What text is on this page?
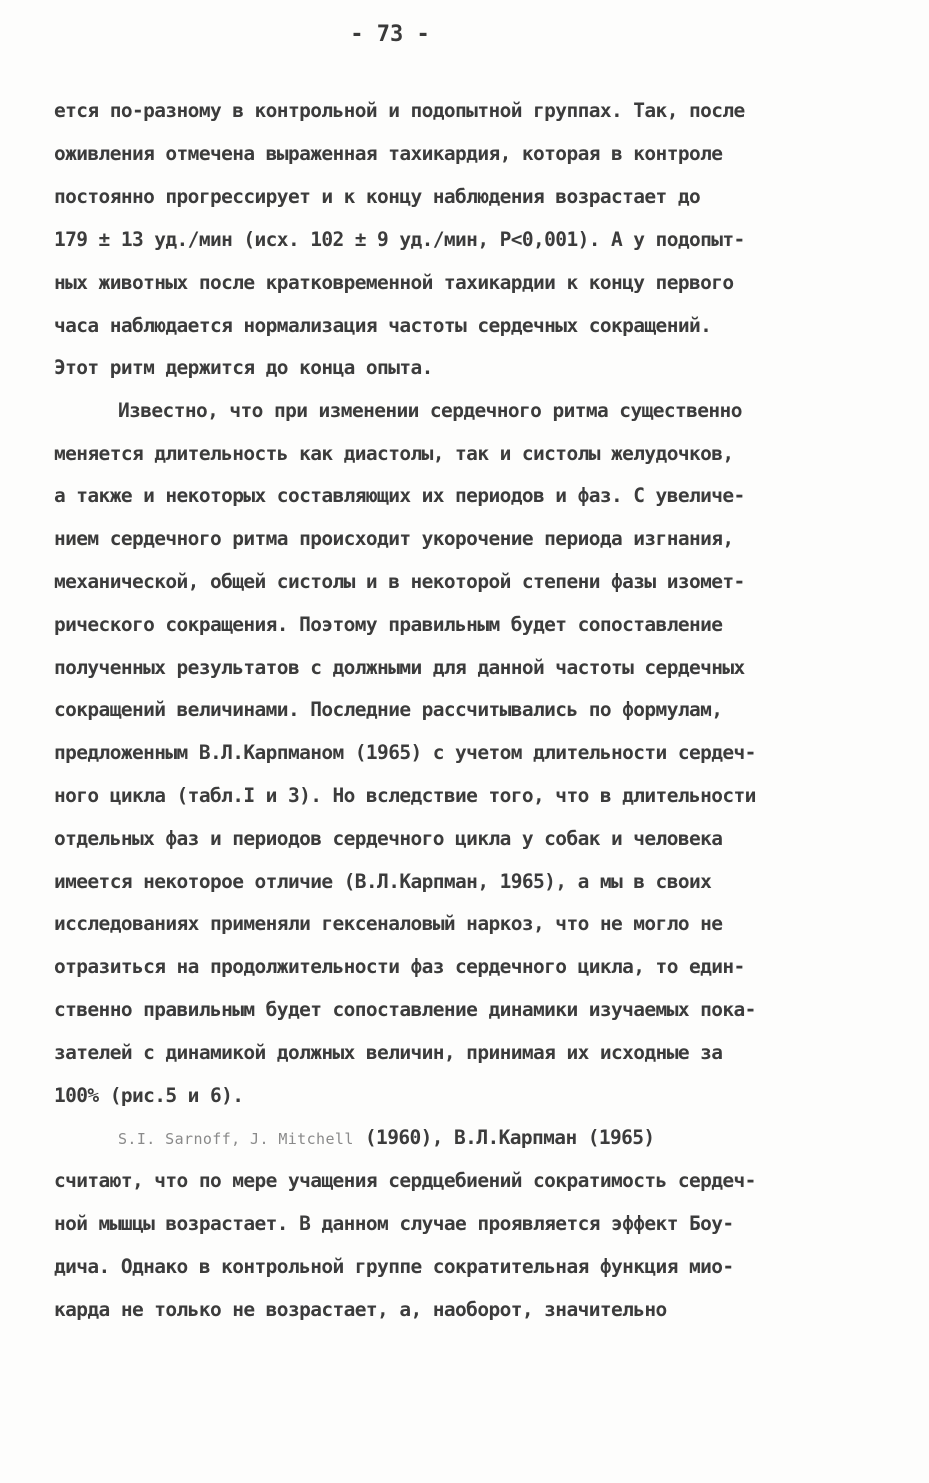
- 73 -
ется по-разному в контрольной и подопытной группах. Так, после
оживления отмечена выраженная тахикардия, которая в контроле
постоянно прогрессирует и к концу наблюдения возрастает до
179 ± 13 уд./мин (исх. 102 ± 9 уд./мин, P<0,001). А у подопыт-
ных животных после кратковременной тахикардии к концу первого
часа наблюдается нормализация частоты сердечных сокращений.
Этот ритм держится до конца опыта.
Известно, что при изменении сердечного ритма существенно
меняется длительность как диастолы, так и систолы желудочков,
а также и некоторых составляющих их периодов и фаз. С увеличе-
нием сердечного ритма происходит укорочение периода изгнания,
механической, общей систолы и в некоторой степени фазы изомет-
рического сокращения. Поэтому правильным будет сопоставление
полученных результатов с должными для данной частоты сердечных
сокращений величинами. Последние рассчитывались по формулам,
предложенным В.Л.Карпманом (1965) с учетом длительности сердеч-
ного цикла (табл.I и 3). Но вследствие того, что в длительности
отдельных фаз и периодов сердечного цикла у собак и человека
имеется некоторое отличие (В.Л.Карпман, 1965), а мы в своих
исследованиях применяли гексеналовый наркоз, что не могло не
отразиться на продолжительности фаз сердечного цикла, то един-
ственно правильным будет сопоставление динамики изучаемых пока-
зателей с динамикой должных величин, принимая их исходные за
100% (рис.5 и 6).
S.I. Sarnoff, J. Mitchell (1960), В.Л.Карпман (1965)
считают, что по мере учащения сердцебиений сократимость сердеч-
ной мышцы возрастает. В данном случае проявляется эффект Боу-
дича. Однако в контрольной группе сократительная функция мио-
карда не только не возрастает, а, наоборот, значительно
